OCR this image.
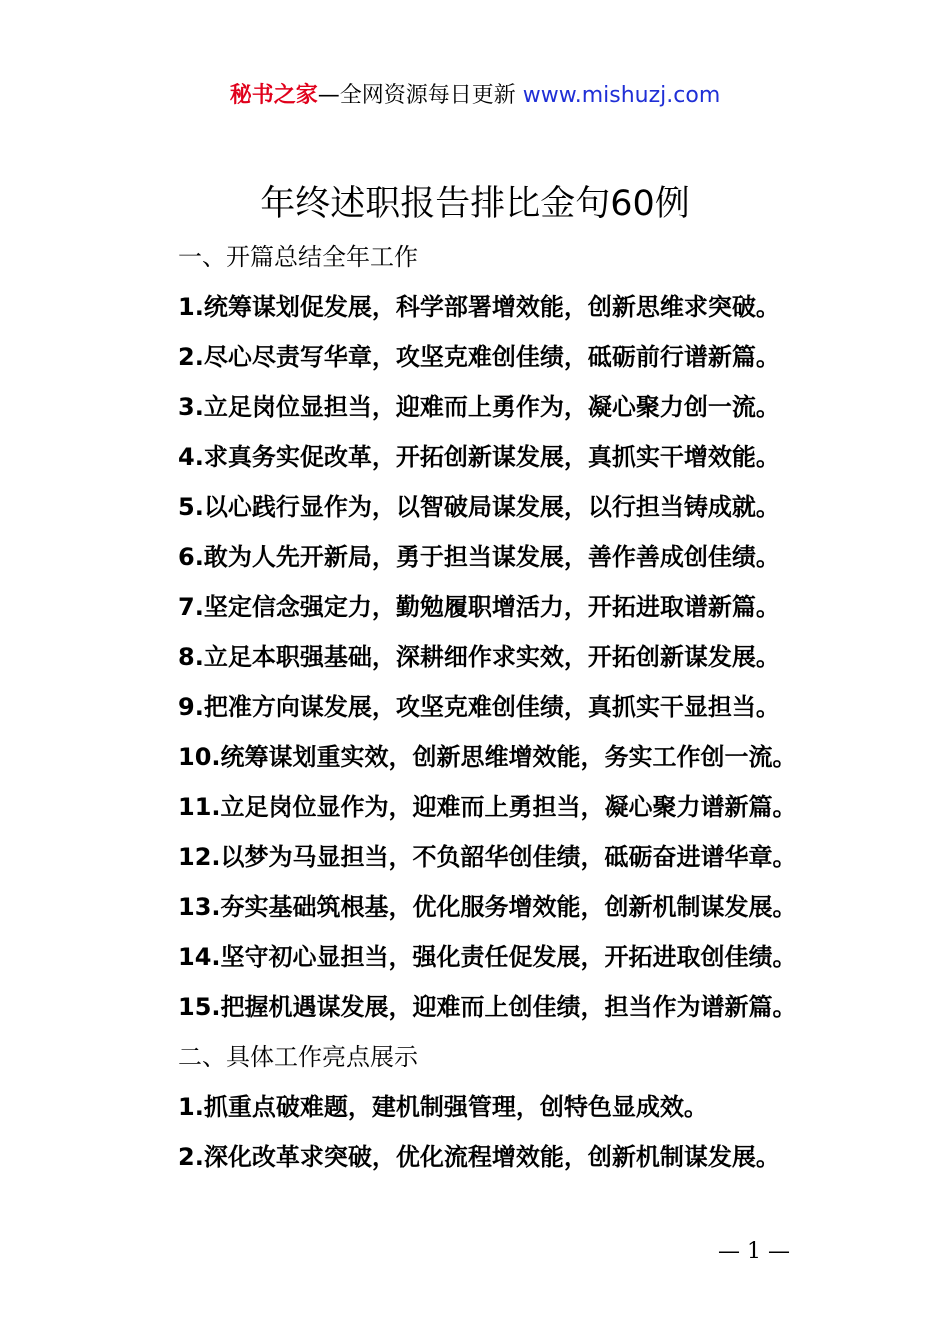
秘书之家—全网资源每日更新 www.mishuzj.com
年终述职报告排比金句60例
一、开篇总结全年工作
1.统筹谋划促发展，科学部署增效能，创新思维求突破。
2.尽心尽责写华章，攻坚克难创佳绩，砥砺前行谱新篇。
3.立足岗位显担当，迎难而上勇作为，凝心聚力创一流。
4.求真务实促改革，开拓创新谋发展，真抓实干增效能。
5.以心践行显作为，以智破局谋发展，以行担当铸成就。
6.敢为人先开新局，勇于担当谋发展，善作善成创佳绩。
7.坚定信念强定力，勤勉履职增活力，开拓进取谱新篇。
8.立足本职强基础，深耕细作求实效，开拓创新谋发展。
9.把准方向谋发展，攻坚克难创佳绩，真抓实干显担当。
10.统筹谋划重实效，创新思维增效能，务实工作创一流。
11.立足岗位显作为，迎难而上勇担当，凝心聚力谱新篇。
12.以梦为马显担当，不负韶华创佳绩，砥砺奋进谱华章。
13.夯实基础筑根基，优化服务增效能，创新机制谋发展。
14.坚守初心显担当，强化责任促发展，开拓进取创佳绩。
15.把握机遇谋发展，迎难而上创佳绩，担当作为谱新篇。
二、具体工作亮点展示
1.抓重点破难题，建机制强管理，创特色显成效。
2.深化改革求突破，优化流程增效能，创新机制谋发展。
— 1 —
